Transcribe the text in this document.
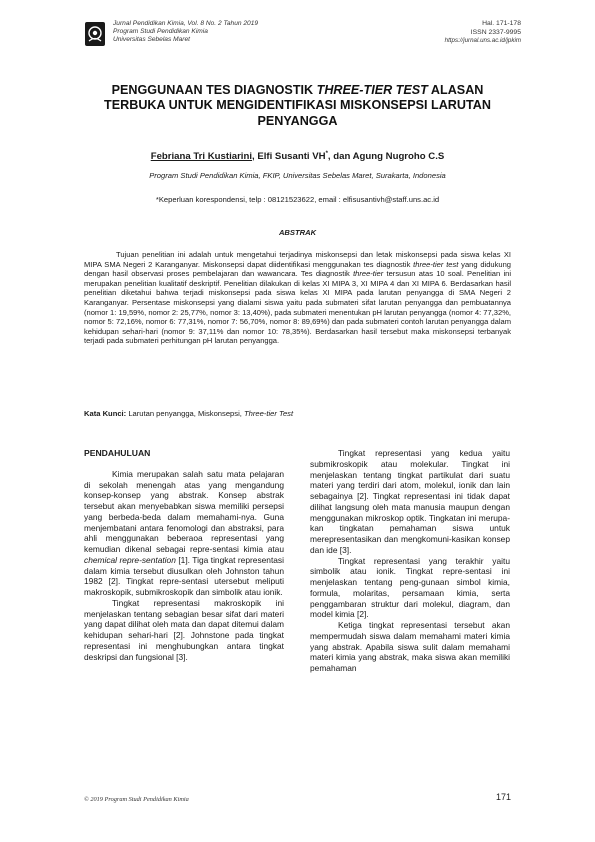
Jurnal Pendidikan Kimia, Vol. 8 No. 2 Tahun 2019
Program Studi Pendidikan Kimia
Universitas Sebelas Maret
Hal. 171-178
ISSN 2337-9995
https://jurnal.uns.ac.id/jpkim
PENGGUNAAN TES DIAGNOSTIK THREE-TIER TEST ALASAN TERBUKA UNTUK MENGIDENTIFIKASI MISKONSEPSI LARUTAN PENYANGGA
Febriana Tri Kustiarini, Elfi Susanti VH*, dan Agung Nugroho C.S
Program Studi Pendidikan Kimia, FKIP, Universitas Sebelas Maret, Surakarta, Indonesia
*Keperluan korespondensi, telp : 08121523622, email : elfisusantivh@staff.uns.ac.id
ABSTRAK

Tujuan penelitian ini adalah untuk mengetahui terjadinya miskonsepsi dan letak miskonsepsi pada siswa kelas XI MIPA SMA Negeri 2 Karanganyar. Miskonsepsi dapat diidentifikasi menggunakan tes diagnostik three-tier test yang didukung dengan hasil observasi proses pembelajaran dan wawancara. Tes diagnostik three-tier tersusun atas 10 soal. Penelitian ini merupakan penelitian kualitatif deskriptif. Penelitian dilakukan di kelas XI MIPA 3, XI MIPA 4 dan XI MIPA 6. Berdasarkan hasil penelitian diketahui bahwa terjadi miskonsepsi pada siswa kelas XI MIPA pada larutan penyangga di SMA Negeri 2 Karanganyar. Persentase miskonsepsi yang dialami siswa yaitu pada submateri sifat larutan penyangga dan pembuatannya (nomor 1: 19,59%, nomor 2: 25,77%, nomor 3: 13,40%), pada submateri menentukan pH larutan penyangga (nomor 4: 77,32%, nomor 5: 72,16%, nomor 6: 77,31%, nomor 7: 56,70%, nomor 8: 89,69%) dan pada submateri contoh larutan penyangga dalam kehidupan sehari-hari (nomor 9: 37,11% dan nomor 10: 78,35%). Berdasarkan hasil tersebut maka miskonsepsi terbanyak terjadi pada submateri perhitungan pH larutan penyangga.

Kata Kunci: Larutan penyangga, Miskonsepsi, Three-tier Test
PENDAHULUAN

Kimia merupakan salah satu mata pelajaran di sekolah menengah atas yang mengandung konsep-konsep yang abstrak. Konsep abstrak tersebut akan menyebabkan siswa memiliki persepsi yang berbeda-beda dalam memahami-nya. Guna menjembatani antara fenomologi dan abstraksi, para ahli menggunakan beberaoa representasi yang kemudian dikenal sebagai repre-sentasi kimia atau chemical repre-sentation [1]. Tiga tingkat representasi dalam kimia tersebut diusulkan oleh Johnston tahun 1982 [2]. Tingkat repre-sentasi utersebut meliputi makroskopik, submikroskopik dan simbolik atau ionik.

Tingkat representasi makroskopik ini menjelaskan tentang sebagian besar sifat dari materi yang dapat dilihat oleh mata dan dapat ditemui dalam kehidupan sehari-hari [2]. Johnstone pada tingkat representasi ini menghubungkan antara tingkat deskripsi dan fungsional [3].

Tingkat representasi yang kedua yaitu submikroskopik atau molekular. Tingkat ini menjelaskan tentang tingkat partikulat dari suatu materi yang terdiri dari atom, molekul, ionik dan lain sebagainya [2]. Tingkat representasi ini tidak dapat dilihat langsung oleh mata manusia maupun dengan menggunakan mikroskop optik. Tingkatan ini merupa-kan tingkatan pemahaman siswa untuk merepresentasikan dan mengkomuni-kasikan konsep dan ide [3].

Tingkat representasi yang terakhir yaitu simbolik atau ionik. Tingkat repre-sentasi ini menjelaskan tentang peng-gunaan simbol kimia, formula, molaritas, persamaan kimia, serta penggambaran struktur dari molekul, diagram, dan model kimia [2].

Ketiga tingkat representasi tersebut akan mempermudah siswa dalam memahami materi kimia yang abstrak. Apabila siswa sulit dalam memahami materi kimia yang abstrak, maka siswa akan memiliki pemahaman

© 2019 Program Studi Pendidikan Kimia	171
